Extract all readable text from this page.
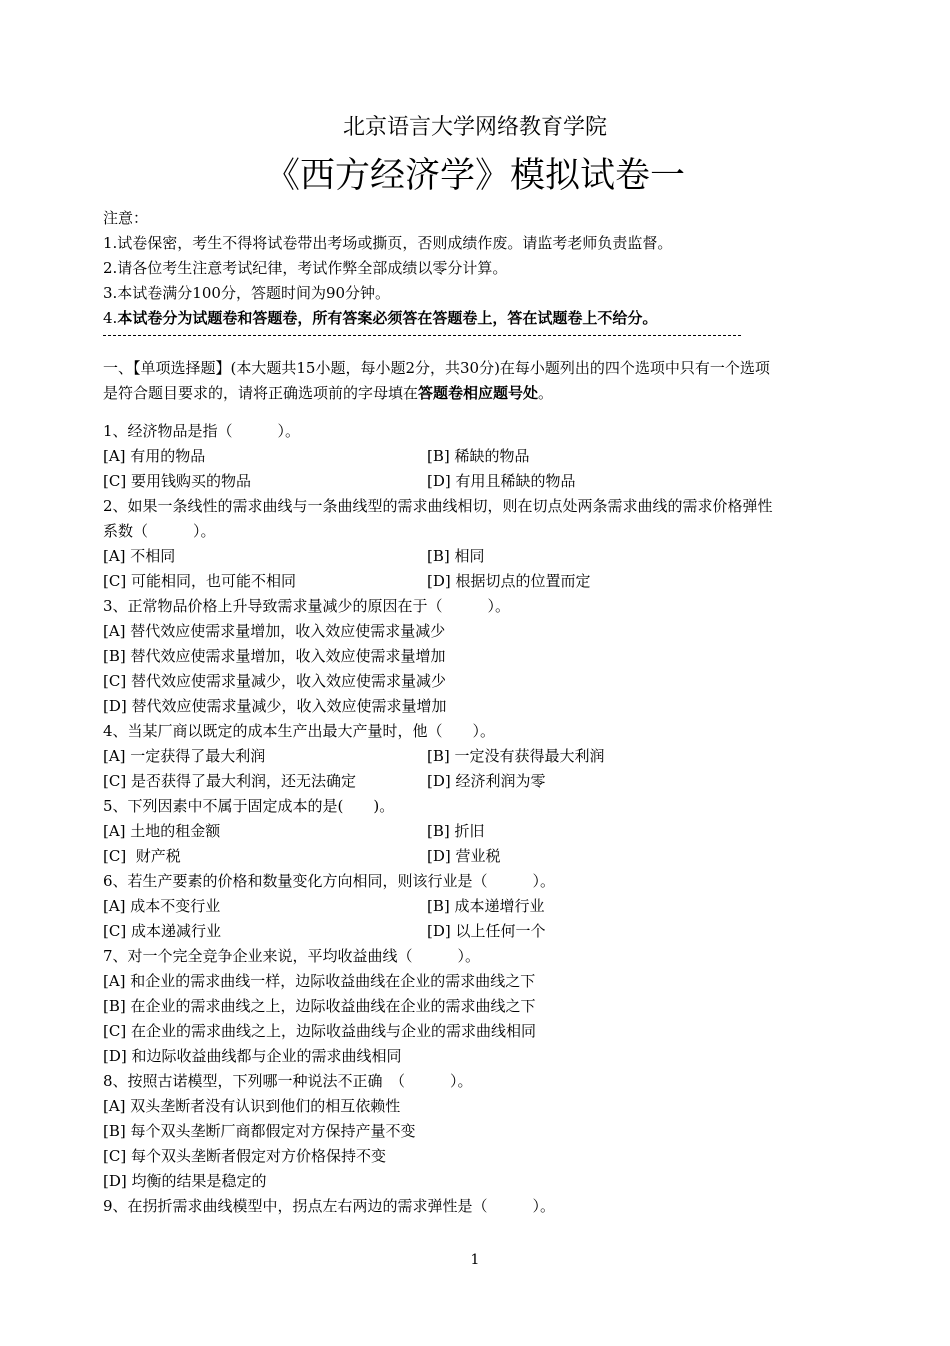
北京语言大学网络教育学院
《西方经济学》模拟试卷一
注意：
1.试卷保密，考生不得将试卷带出考场或撕页，否则成绩作废。请监考老师负责监督。
2.请各位考生注意考试纪律，考试作弊全部成绩以零分计算。
3.本试卷满分100分，答题时间为90分钟。
4.本试卷分为试题卷和答题卷，所有答案必须答在答题卷上，答在试题卷上不给分。
一、【单项选择题】(本大题共15小题，每小题2分，共30分)在每小题列出的四个选项中只有一个选项
是符合题目要求的，请将正确选项前的字母填在答题卷相应题号处。
1、经济物品是指（　　　）。
[A] 有用的物品	[B] 稀缺的物品
[C] 要用钱购买的物品	[D] 有用且稀缺的物品
2、如果一条线性的需求曲线与一条曲线型的需求曲线相切，则在切点处两条需求曲线的需求价格弹性
系数（　　　）。
[A] 不相同	[B] 相同
[C] 可能相同，也可能不相同	[D] 根据切点的位置而定
3、正常物品价格上升导致需求量减少的原因在于（　　　）。
[A] 替代效应使需求量增加，收入效应使需求量减少
[B] 替代效应使需求量增加，收入效应使需求量增加
[C] 替代效应使需求量减少，收入效应使需求量减少
[D] 替代效应使需求量减少，收入效应使需求量增加
4、当某厂商以既定的成本生产出最大产量时，他（　　）。
[A] 一定获得了最大利润	[B] 一定没有获得最大利润
[C] 是否获得了最大利润，还无法确定	[D] 经济利润为零
5、下列因素中不属于固定成本的是(　　)。
[A] 土地的租金额	[B] 折旧
[C]  财产税	[D] 营业税
6、若生产要素的价格和数量变化方向相同，则该行业是（　　　）。
[A] 成本不变行业	[B] 成本递增行业
[C] 成本递减行业	[D] 以上任何一个
7、对一个完全竞争企业来说，平均收益曲线（　　　）。
[A] 和企业的需求曲线一样，边际收益曲线在企业的需求曲线之下
[B] 在企业的需求曲线之上，边际收益曲线在企业的需求曲线之下
[C] 在企业的需求曲线之上，边际收益曲线与企业的需求曲线相同
[D] 和边际收益曲线都与企业的需求曲线相同
8、按照古诺模型，下列哪一种说法不正确　（　　　）。
[A] 双头垄断者没有认识到他们的相互依赖性
[B] 每个双头垄断厂商都假定对方保持产量不变
[C] 每个双头垄断者假定对方价格保持不变
[D] 均衡的结果是稳定的
9、在拐折需求曲线模型中，拐点左右两边的需求弹性是（　　　）。
1
